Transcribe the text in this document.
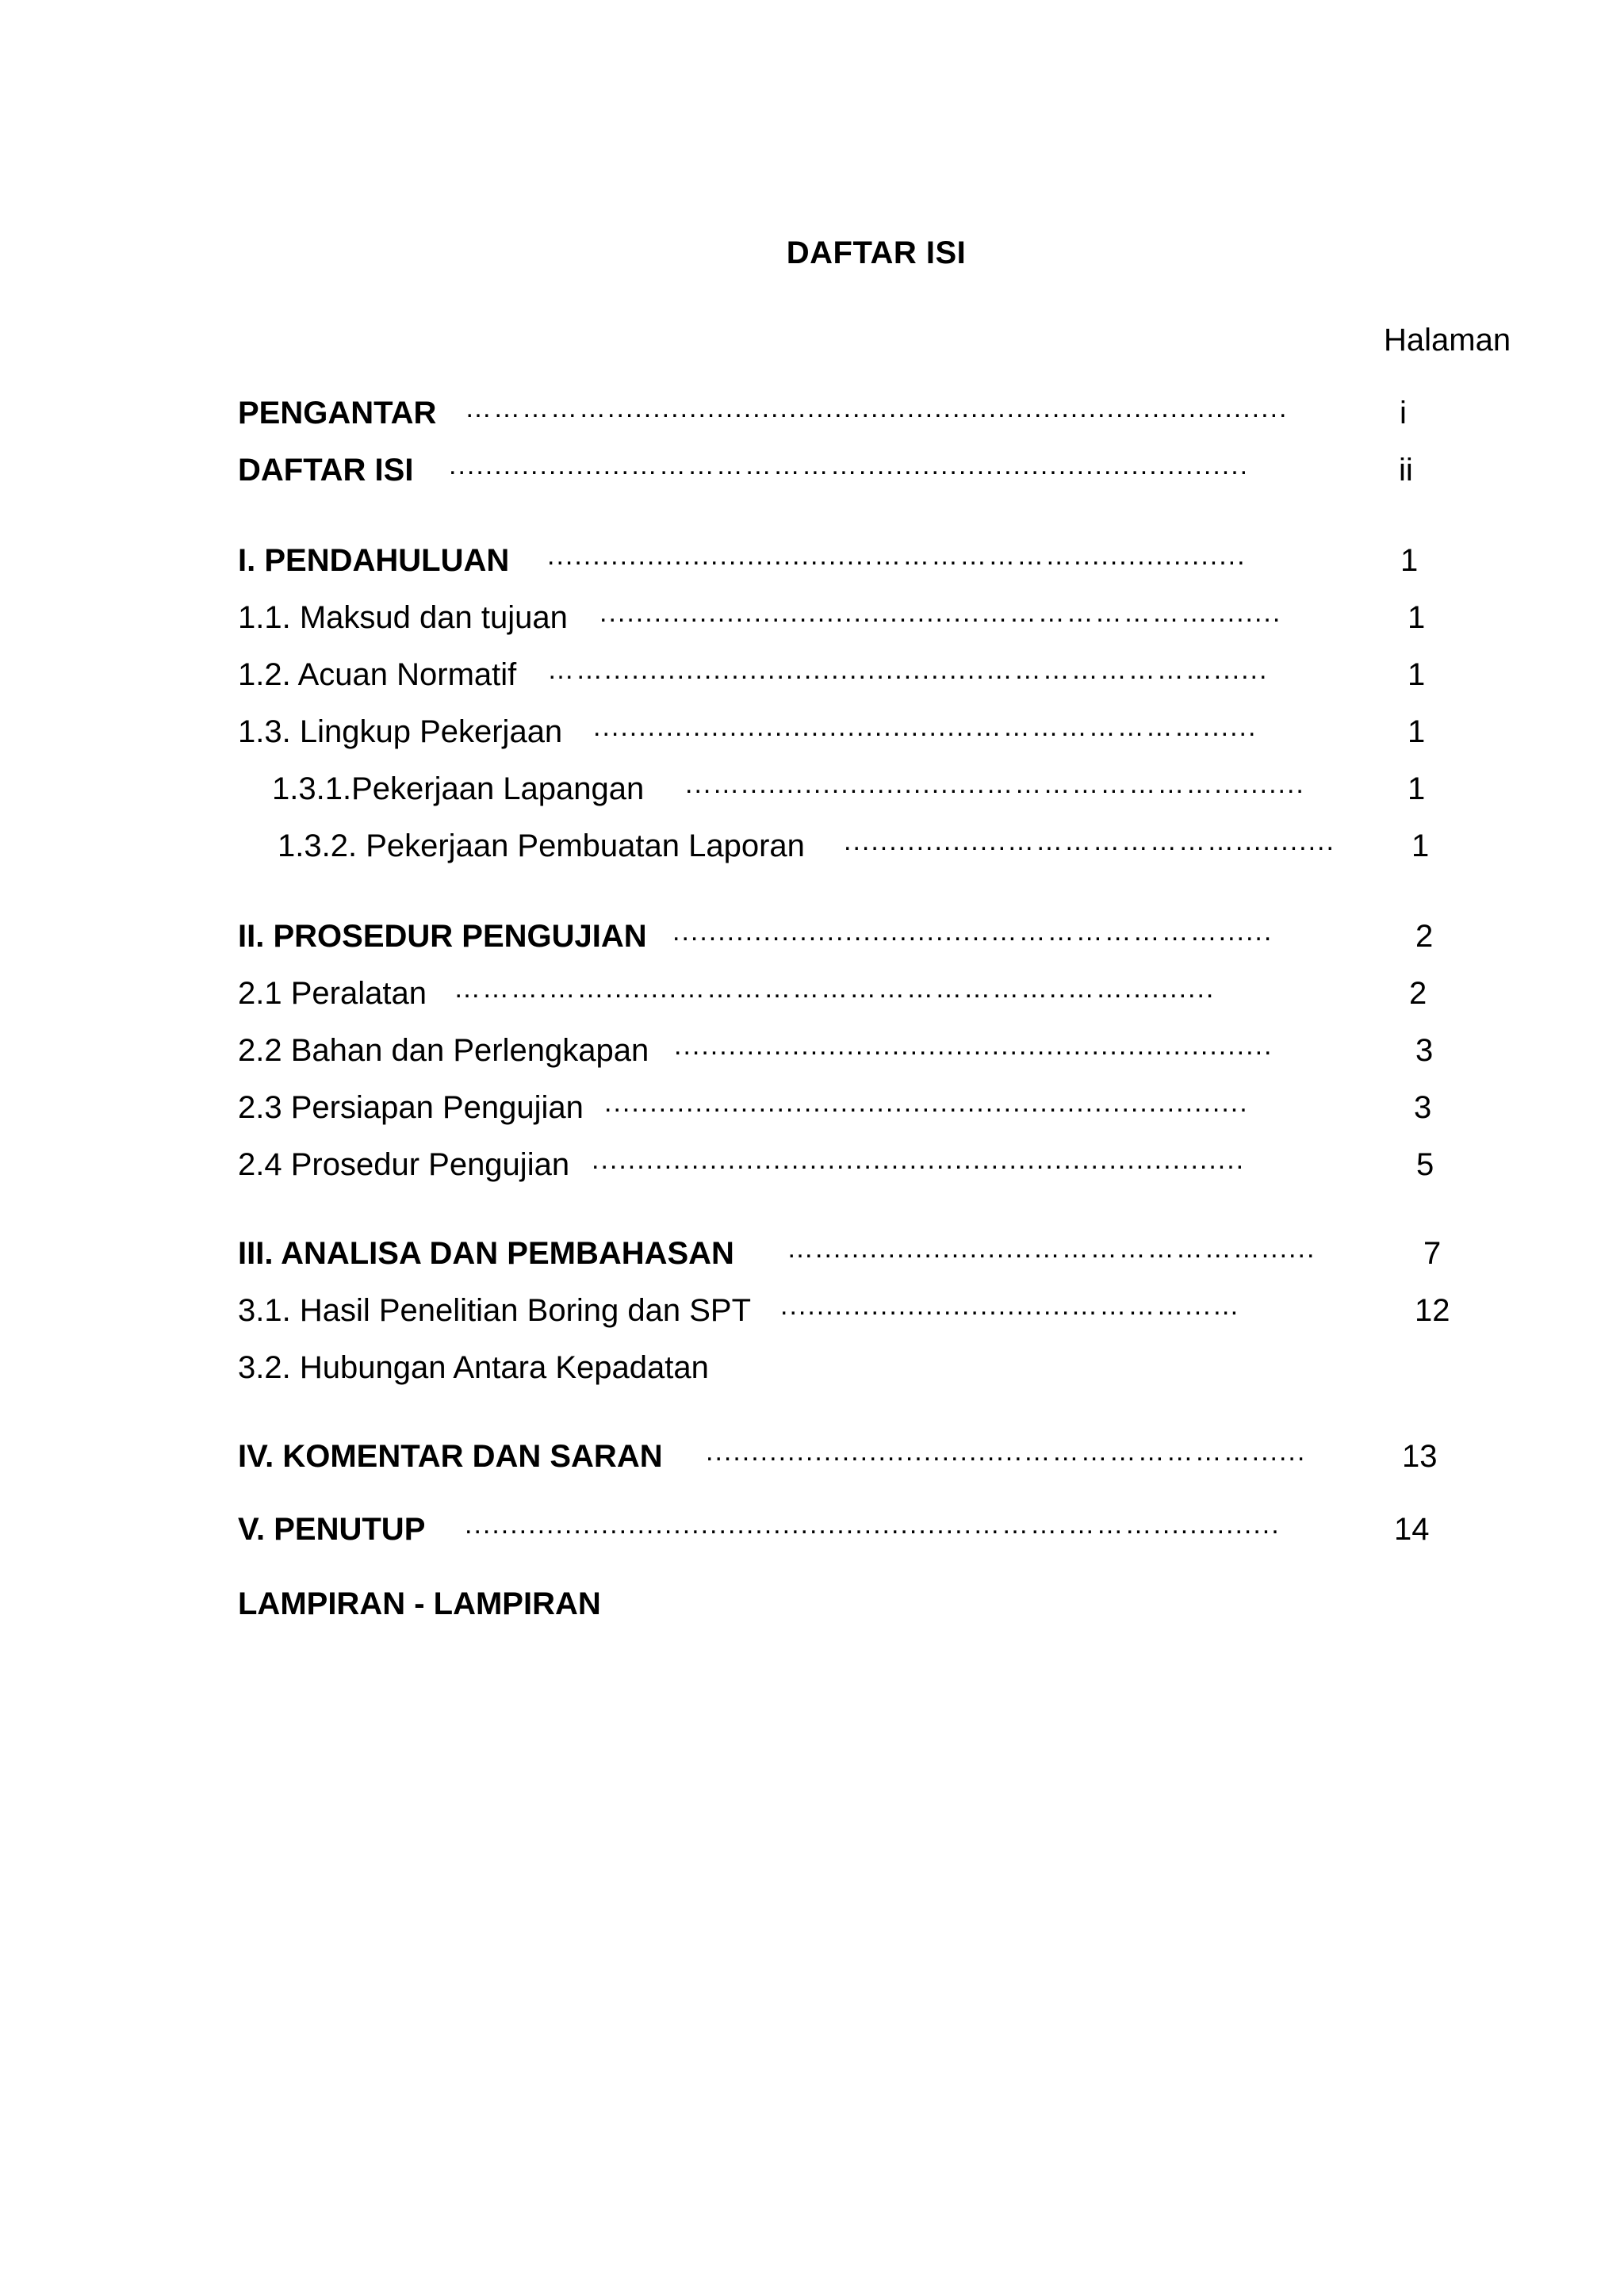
DAFTAR ISI
Halaman
PENGANTAR ……………...........................................................................	i
DAFTAR ISI ....................……………………...........................................	ii
I. PENDAHULUAN ....................................…………………...................	1
1.1. Maksud dan tujuan ..........................................……………………........	1
1.2. Acuan Normatif ……..........................................……………………......	1
1.3. Lingkup Pekerjaan ..........................................……………………......	1
1.3.1.Pekerjaan Lapangan ...…...........................……………………..........	1
1.3.2. Pekerjaan Pembuatan Laporan ..................……………………...........	1
II. PROSEDUR PENGUJIAN ...................................……………………......	2
2.1 Peralatan ……….……........…………………………………..……..........	2
2.2 Bahan dan Perlengkapan ..................................................................	3
2.3 Persiapan Pengujian .......................................................................	3
2.4 Prosedur Pengujian ........................................................................	5
III. ANALISA DAN PEMBAHASAN …........................……………………......	7
3.1. Hasil Penelitian Boring dan SPT ................................…………...…	12
3.2. Hubungan Antara Kepadatan
IV. KOMENTAR DAN SARAN ...................................……………………......	13
V. PENUTUP ........................................................……….………..............	14
LAMPIRAN - LAMPIRAN
